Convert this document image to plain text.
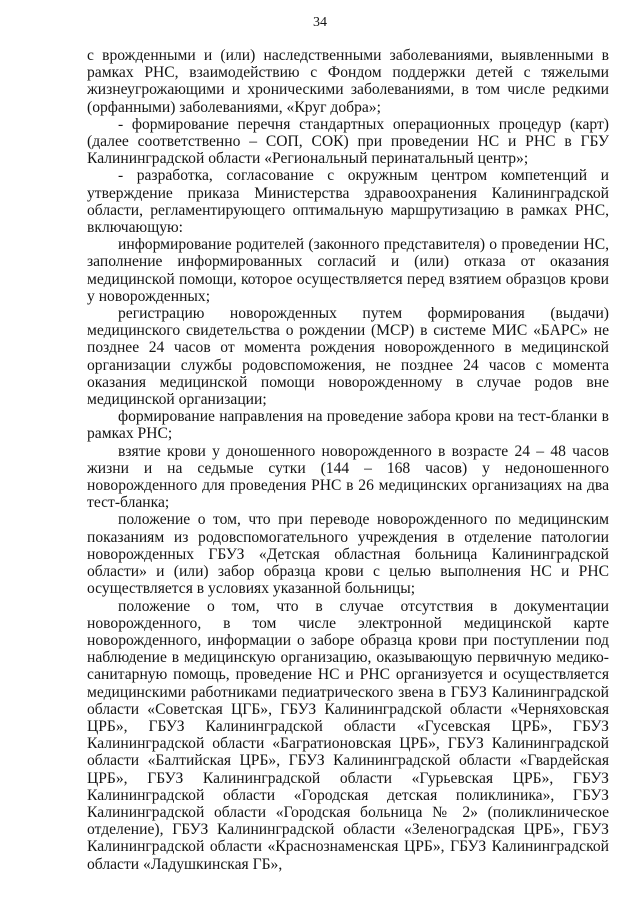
34

с врожденными и (или) наследственными заболеваниями, выявленными в рамках РНС, взаимодействию с Фондом поддержки детей с тяжелыми жизнеугрожающими и хроническими заболеваниями, в том числе редкими (орфанными) заболеваниями, «Круг добра»;

- формирование перечня стандартных операционных процедур (карт) (далее соответственно – СОП, СОК) при проведении НС и РНС в ГБУ Калининградской области «Региональный перинатальный центр»;

- разработка, согласование с окружным центром компетенций и утверждение приказа Министерства здравоохранения Калининградской области, регламентирующего оптимальную маршрутизацию в рамках РНС, включающую:

информирование родителей (законного представителя) о проведении НС, заполнение информированных согласий и (или) отказа от оказания медицинской помощи, которое осуществляется перед взятием образцов крови у новорожденных;

регистрацию новорожденных путем формирования (выдачи) медицинского свидетельства о рождении (МСР) в системе МИС «БАРС» не позднее 24 часов от момента рождения новорожденного в медицинской организации службы родовспоможения, не позднее 24 часов с момента оказания медицинской помощи новорожденному в случае родов вне медицинской организации;

формирование направления на проведение забора крови на тест-бланки в рамках РНС;

взятие крови у доношенного новорожденного в возрасте 24 – 48 часов жизни и на седьмые сутки (144 – 168 часов) у недоношенного новорожденного для проведения РНС в 26 медицинских организациях на два тест-бланка;

положение о том, что при переводе новорожденного по медицинским показаниям из родовспомогательного учреждения в отделение патологии новорожденных ГБУЗ «Детская областная больница Калининградской области» и (или) забор образца крови с целью выполнения НС и РНС осуществляется в условиях указанной больницы;

положение о том, что в случае отсутствия в документации новорожденного, в том числе электронной медицинской карте новорожденного, информации о заборе образца крови при поступлении под наблюдение в медицинскую организацию, оказывающую первичную медико-санитарную помощь, проведение НС и РНС организуется и осуществляется медицинскими работниками педиатрического звена в ГБУЗ Калининградской области «Советская ЦГБ», ГБУЗ Калининградской области «Черняховская ЦРБ», ГБУЗ Калининградской области «Гусевская ЦРБ», ГБУЗ Калининградской области «Багратионовская ЦРБ», ГБУЗ Калининградской области «Балтийская ЦРБ», ГБУЗ Калининградской области «Гвардейская ЦРБ», ГБУЗ Калининградской области «Гурьевская ЦРБ», ГБУЗ Калининградской области «Городская детская поликлиника», ГБУЗ Калининградской области «Городская больница № 2» (поликлиническое отделение), ГБУЗ Калининградской области «Зеленоградская ЦРБ», ГБУЗ Калининградской области «Краснознаменская ЦРБ», ГБУЗ Калининградской области «Ладушкинская ГБ»,
